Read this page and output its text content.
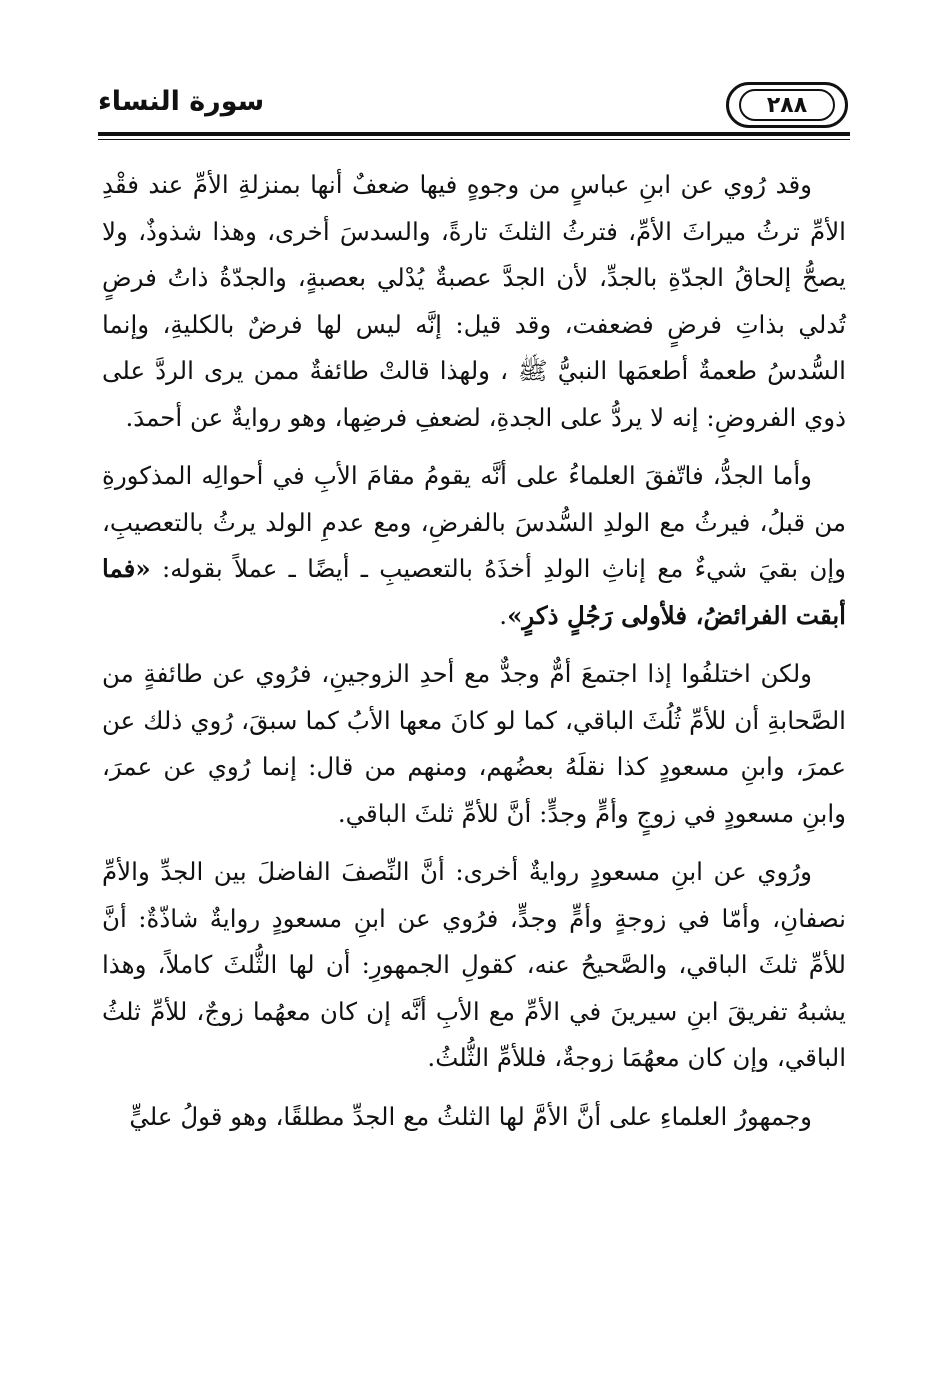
سورة النساء	٢٨٨

وقد رُوي عن ابنِ عباسٍ من وجوهٍ فيها ضعفٌ أنها بمنزلةِ الأمِّ عند فقْدِ الأمِّ ترثُ ميراثَ الأمِّ، فترثُ الثلثَ تارةً، والسدسَ أخرى، وهذا شذوذٌ، ولا يصحُّ إلحاقُ الجدّةِ بالجدِّ، لأن الجدَّ عصبةٌ يُدْلي بعصبةٍ، والجدّةُ ذاتُ فرضٍ تُدلي بذاتِ فرضٍ فضعفت، وقد قيل: إنَّه ليس لها فرضٌ بالكليةِ، وإنما السُّدسُ طعمةٌ أطعمَها النبيُّ ﷺ ، ولهذا قالتْ طائفةٌ ممن يرى الردَّ على ذوي الفروضِ: إنه لا يردُّ على الجدةِ، لضعفِ فرضِها، وهو روايةٌ عن أحمدَ.

وأما الجدُّ، فاتّفقَ العلماءُ على أنَّه يقومُ مقامَ الأبِ في أحوالِه المذكورةِ من قبلُ، فيرثُ مع الولدِ السُّدسَ بالفرضِ، ومع عدمِ الولد يرثُ بالتعصيبِ، وإن بقيَ شيءٌ مع إناثِ الولدِ أخذَهُ بالتعصيبِ ـ أيضًا ـ عملاً بقوله: «فما أبقت الفرائضُ، فلأولى رَجُلٍ ذكرٍ».

ولكن اختلفُوا إذا اجتمعَ أمٌّ وجدٌّ مع أحدِ الزوجينِ، فرُوي عن طائفةٍ من الصَّحابةِ أن للأمِّ ثُلُثَ الباقي، كما لو كانَ معها الأبُ كما سبقَ، رُوي ذلك عن عمرَ، وابنِ مسعودٍ كذا نقلَهُ بعضُهم، ومنهم من قال: إنما رُوي عن عمرَ، وابنِ مسعودٍ في زوجٍ وأمٍّ وجدٍّ: أنَّ للأمِّ ثلثَ الباقي.

ورُوي عن ابنِ مسعودٍ روايةٌ أخرى: أنَّ النِّصفَ الفاضلَ بين الجدِّ والأمِّ نصفانِ، وأمّا في زوجةٍ وأمٍّ وجدٍّ، فرُوي عن ابنِ مسعودٍ روايةٌ شاذّةٌ: أنَّ للأمِّ ثلثَ الباقي، والصَّحيحُ عنه، كقولِ الجمهورِ: أن لها الثُّلثَ كاملاً، وهذا يشبهُ تفريقَ ابنِ سيرينَ في الأمِّ مع الأبِ أنَّه إن كان معهُما زوجٌ، للأمِّ ثلثُ الباقي، وإن كان معهُمَا زوجةٌ، فللأمِّ الثُّلثُ.

وجمهورُ العلماءِ على أنَّ الأمَّ لها الثلثُ مع الجدِّ مطلقًا، وهو قولُ عليٍّ
